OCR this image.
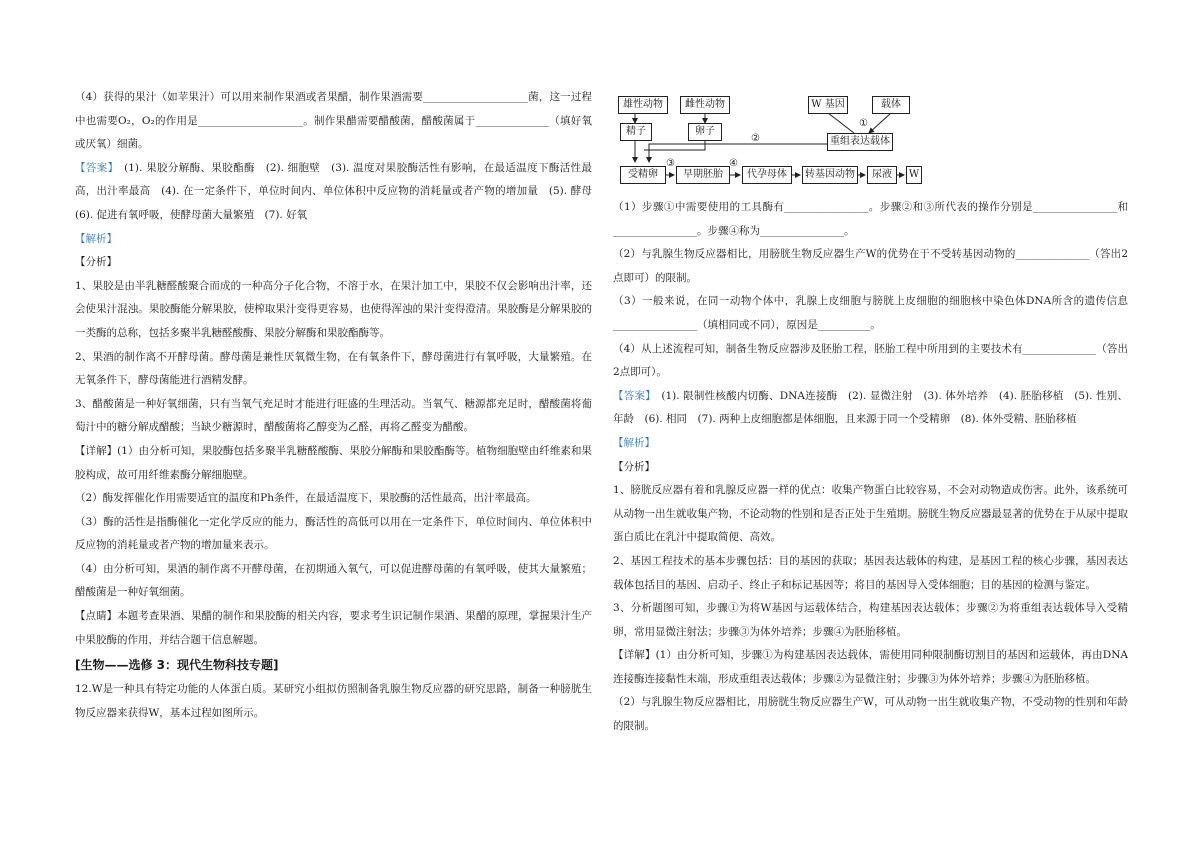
（4）获得的果汁（如苹果汁）可以用来制作果酒或者果醋，制作果酒需要____________________菌，这一过程中也需要O₂，O₂的作用是____________________。制作果醋需要醋酸菌，醋酸菌属于______________（填好氧或厌氧）细菌。

【答案】　 (1). 果胶分解酶、果胶酯酶　(2). 细胞壁　(3). 温度对果胶酶活性有影响，在最适温度下酶活性最高，出汁率最高　(4). 在一定条件下，单位时间内、单位体积中反应物的消耗量或者产物的增加量　(5). 酵母　(6). 促进有氧呼吸，使酵母菌大量繁殖　(7). 好氧

【解析】

【分析】

1、果胶是由半乳糖醛酸聚合而成的一种高分子化合物，不溶于水，在果汁加工中，果胶不仅会影响出汁率，还会使果汁混浊。果胶酶能分解果胶，使榨取果汁变得更容易，也使得浑浊的果汁变得澄清。果胶酶是分解果胶的一类酶的总称，包括多聚半乳糖醛酸酶、果胶分解酶和果胶酯酶等。

2、果酒的制作离不开酵母菌。酵母菌是兼性厌氧微生物，在有氧条件下，酵母菌进行有氧呼吸，大量繁殖。在无氧条件下，酵母菌能进行酒精发酵。

3、醋酸菌是一种好氧细菌，只有当氧气充足时才能进行旺盛的生理活动。当氧气、糖源都充足时，醋酸菌将葡萄汁中的糖分解成醋酸；当缺少糖源时，醋酸菌将乙醇变为乙醛，再将乙醛变为醋酸。

【详解】(1）由分析可知，果胶酶包括多聚半乳糖醛酸酶、果胶分解酶和果胶酯酶等。植物细胞壁由纤维素和果胶构成，故可用纤维素酶分解细胞壁。

（2）酶发挥催化作用需要适宜的温度和Ph条件，在最适温度下，果胶酶的活性最高，出汁率最高。

（3）酶的活性是指酶催化一定化学反应的能力，酶活性的高低可以用在一定条件下，单位时间内、单位体积中反应物的消耗量或者产物的增加量来表示。

（4）由分析可知，果酒的制作离不开酵母菌，在初期通入氧气，可以促进酵母菌的有氧呼吸，使其大量繁殖；醋酸菌是一种好氧细菌。

【点睛】本题考查果酒、果醋的制作和果胶酶的相关内容，要求考生识记制作果酒、果醋的原理，掌握果汁生产中果胶酶的作用，并结合题干信息解题。

[生物——选修 3：现代生物科技专题]

12.W是一种具有特定功能的人体蛋白质。某研究小组拟仿照制备乳腺生物反应器的研究思路，制备一种膀胱生物反应器来获得W，基本过程如图所示。

雄性动物	雌性动物
精子	卵子
W 基因	载体
①
重组表达载体
②
受精卵
③
早期胚胎
④
代孕母体	转基因动物	尿液	W

（1）步骤①中需要使用的工具酶有________________。步骤②和③所代表的操作分别是________________和________________。步骤④称为________________。

（2）与乳腺生物反应器相比，用膀胱生物反应器生产W的优势在于不受转基因动物的______________（答出2点即可）的限制。

（3）一般来说，在同一动物个体中，乳腺上皮细胞与膀胱上皮细胞的细胞核中染色体DNA所含的遗传信息________________（填相同或不同），原因是__________。

（4）从上述流程可知，制备生物反应器涉及胚胎工程，胚胎工程中所用到的主要技术有______________（答出2点即可）。

【答案】　 (1). 限制性核酸内切酶、DNA连接酶　(2). 显微注射　(3). 体外培养　(4). 胚胎移植　(5). 性别、年龄　(6). 相同　(7). 两种上皮细胞都是体细胞，且来源于同一个受精卵　(8). 体外受精、胚胎移植

【解析】

【分析】

1、膀胱反应器有着和乳腺反应器一样的优点：收集产物蛋白比较容易，不会对动物造成伤害。此外，该系统可从动物一出生就收集产物，不论动物的性别和是否正处于生殖期。膀胱生物反应器最显著的优势在于从尿中提取蛋白质比在乳汁中提取简便、高效。

2、基因工程技术的基本步骤包括：目的基因的获取；基因表达载体的构建，是基因工程的核心步骤，基因表达载体包括目的基因、启动子、终止子和标记基因等；将目的基因导入受体细胞；目的基因的检测与鉴定。

3、分析题图可知，步骤①为将W基因与运载体结合，构建基因表达载体；步骤②为将重组表达载体导入受精卵，常用显微注射法；步骤③为体外培养；步骤④为胚胎移植。

【详解】(1）由分析可知，步骤①为构建基因表达载体，需使用同种限制酶切割目的基因和运载体，再由DNA连接酶连接黏性末端，形成重组表达载体；步骤②为显微注射；步骤③为体外培养；步骤④为胚胎移植。

（2）与乳腺生物反应器相比，用膀胱生物反应器生产W，可从动物一出生就收集产物，不受动物的性别和年龄的限制。
